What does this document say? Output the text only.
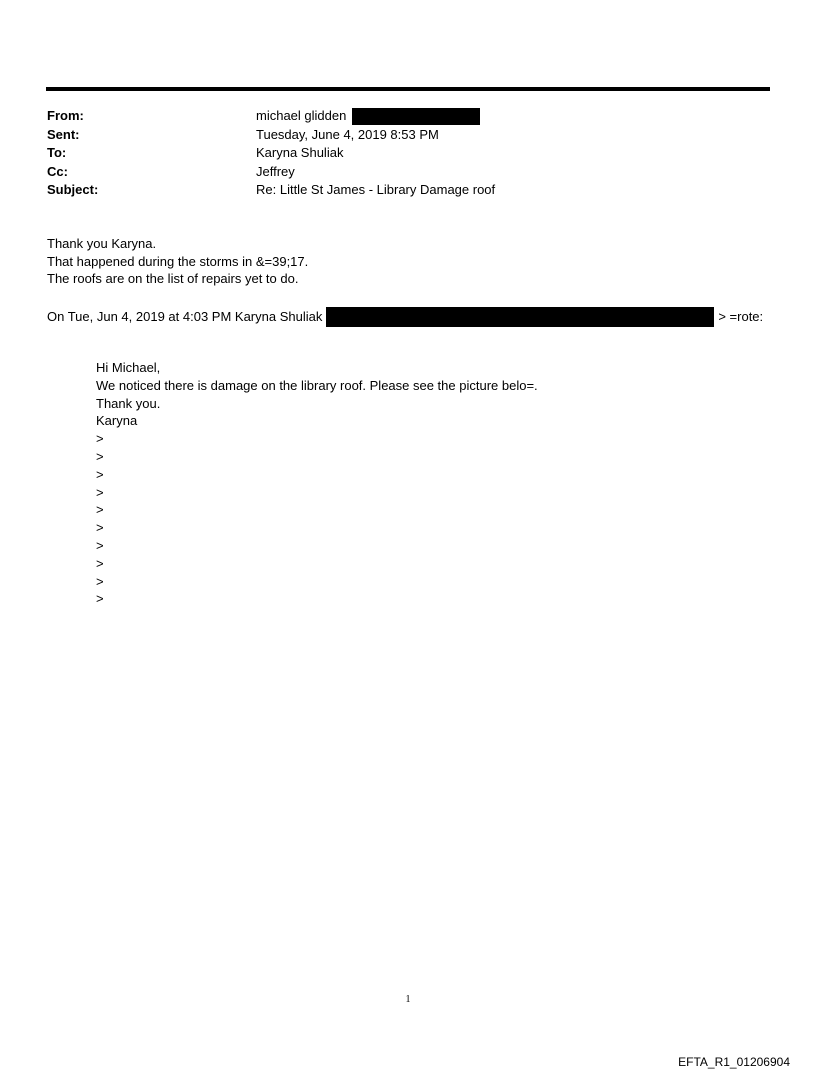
From:	michael glidden
Sent:	Tuesday, June 4, 2019 8:53 PM
To:	Karyna Shuliak
Cc:	Jeffrey
Subject:	Re: Little St James - Library Damage roof
Thank you Karyna.
That happened during the storms in &=39;17.
The roofs are on the list of repairs yet to do.
On Tue, Jun 4, 2019 at 4:03 PM Karyna Shuliak	> =rote:
Hi Michael,
We noticed there is damage on the library roof. Please see the picture belo=.
Thank you.
Karyna
>
>
>
>
>
>
>
>
>
>
1
EFTA_R1_01206904
